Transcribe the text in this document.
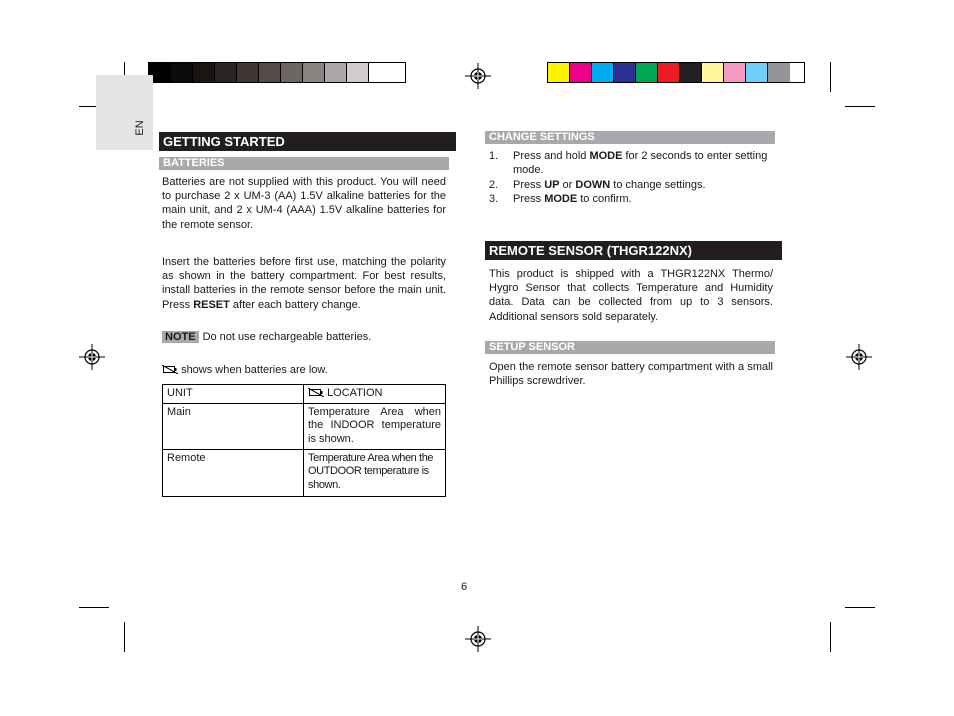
EN
GETTING STARTED
BATTERIES
Batteries are not supplied with this product. You will need to purchase 2 x UM-3 (AA) 1.5V alkaline batteries for the main unit, and 2 x UM-4 (AAA) 1.5V alkaline batteries for the remote sensor.
Insert the batteries before first use, matching the polarity as shown in the battery compartment. For best results, install batteries in the remote sensor before the main unit. Press RESET after each battery change.
NOTE Do not use rechargeable batteries.
shows when batteries are low.
UNIT	LOCATION
Main	Temperature Area when the INDOOR temperature is shown.
Remote	Temperature Area when the OUTDOOR temperature is shown.
CHANGE SETTINGS
1. Press and hold MODE for 2 seconds to enter setting mode.
2. Press UP or DOWN to change settings.
3. Press MODE to confirm.
REMOTE SENSOR (THGR122NX)
This product is shipped with a THGR122NX Thermo/ Hygro Sensor that collects Temperature and Humidity data. Data can be collected from up to 3 sensors. Additional sensors sold separately.
SETUP SENSOR
Open the remote sensor battery compartment with a small Phillips screwdriver.
6
